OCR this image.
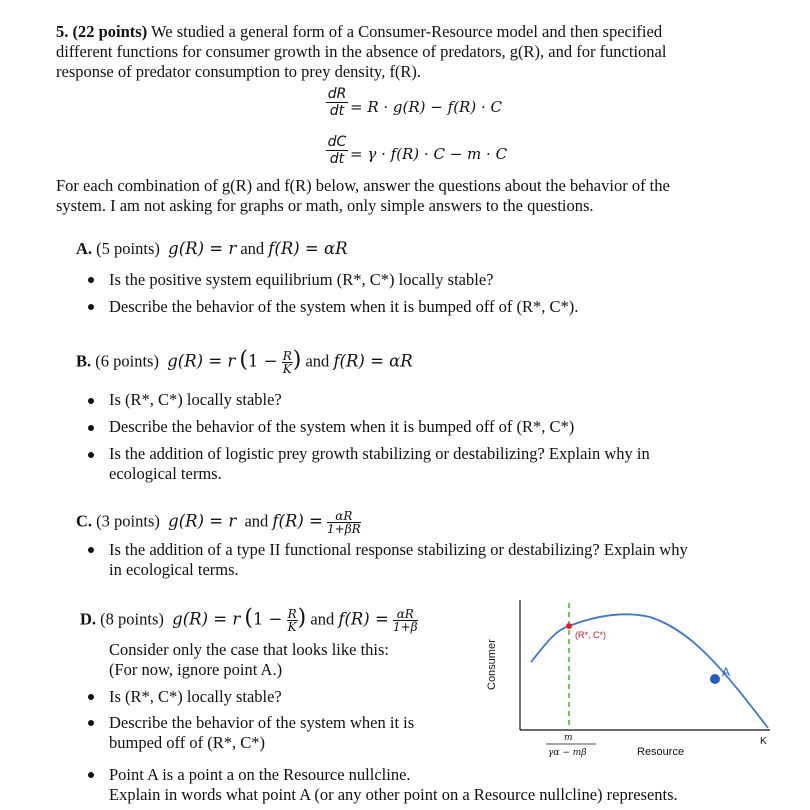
5. (22 points) We studied a general form of a Consumer-Resource model and then specified
different functions for consumer growth in the absence of predators, g(R), and for functional
response of predator consumption to prey density, f(R).
dR
dt = R · g(R) − f(R) · C
dC
dt = γ · f(R) · C − m · C
For each combination of g(R) and f(R) below, answer the questions about the behavior of the
system. I am not asking for graphs or math, only simple answers to the questions.
A. (5 points) g(R) = r and f(R) = αR
Is the positive system equilibrium (R*, C*) locally stable?
Describe the behavior of the system when it is bumped off of (R*, C*).
B. (6 points) g(R) = r ($1 - \frac{R}{K}$ ) and f(R) = αR
Is (R*, C*) locally stable?
Describe the behavior of the system when it is bumped off of (R*, C*)
Is the addition of logistic prey growth stabilizing or destabilizing? Explain why in
ecological terms.
C. (3 points) g(R) = r and $f(R) = \frac{\alpha R}{1+\beta R}$
Is the addition of a type II functional response stabilizing or destabilizing? Explain why
in ecological terms.
D. (8 points) g(R) = r ($1 - \frac{R}{K}$ ) and $f(R) = \frac{\alpha R}{1+\beta}$
Consider only the case that looks like this:
(For now, ignore point A.)
Is (R*, C*) locally stable?
Describe the behavior of the system when it is
bumped off of (R*, C*)
Point A is a point a on the Resource nullcline.
Explain in words what point A (or any other point on a Resource nullcline) represents.
(R*, C*)
A
Consumer
Resource
K
m
γα − mβ
